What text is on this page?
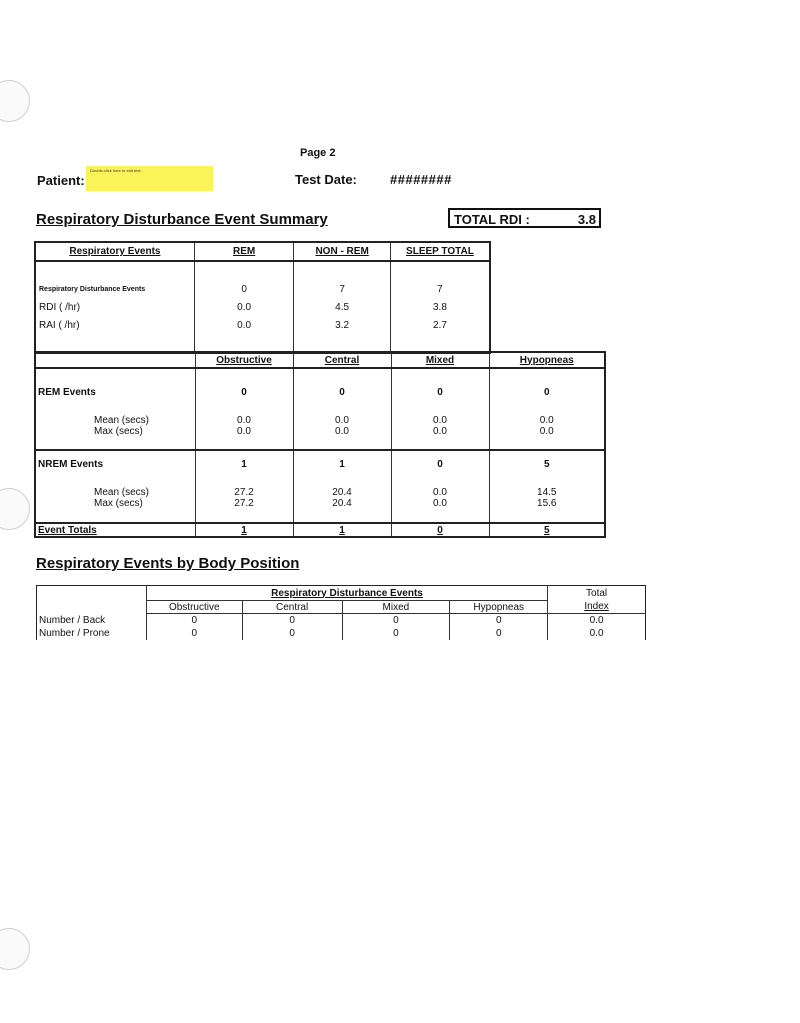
Page 2
Patient:
Double-click here to edit text.
Test Date:	########
Respiratory Disturbance Event Summary	TOTAL RDI :	3.8
Respiratory Events	REM	NON - REM	SLEEP TOTAL

Respiratory Disturbance Events	0	7	7
RDI ( /hr)	0.0	4.5	3.8
RAI ( /hr)	0.0	3.2	2.7

	Obstructive	Central	Mixed	Hypopneas

REM Events	0	0	0	0

Mean (secs)	0.0	0.0	0.0	0.0
Max (secs)	0.0	0.0	0.0	0.0

NREM Events	1	1	0	5

Mean (secs)	27.2	20.4	0.0	14.5
Max (secs)	27.2	20.4	0.0	15.6

Event Totals	1	1	0	5
Respiratory Events by Body Position
	Respiratory Disturbance Events				Total
	Obstructive	Central	Mixed	Hypopneas	Index
Number / Back	0	0	0	0	0.0
Number / Prone	0	0	0	0	0.0
